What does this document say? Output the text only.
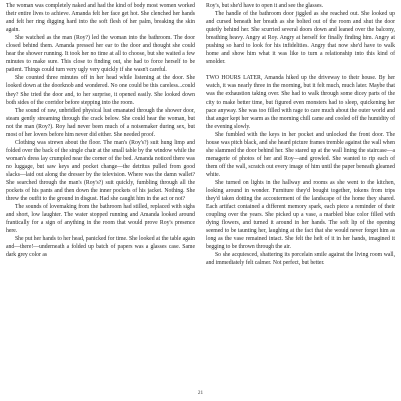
The woman was completely naked and had the kind of body most women worked their entire lives to achieve. Amanda felt her face get hot. She clenched her hands and felt her ring digging hard into the soft flesh of her palm, breaking the skin again.

She watched as the man (Roy?) led the woman into the bathroom. The door closed behind them. Amanda pressed her ear to the door and thought she could hear the shower running. It took her no time at all to choose, but she waited a few minutes to make sure. This close to finding out, she had to force herself to be patient. Things could turn very ugly very quickly if she wasn't careful.

She counted three minutes off in her head while listening at the door. She looked down at the doorknob and wondered. No one could be this careless...could they? She tried the door and, to her surprise, it opened easily. She looked down both sides of the corridor before stepping into the room.

The sound of raw, unbridled physical lust emanated through the shower door, steam gently streaming through the crack below. She could hear the woman, but not the man (Roy?). Roy had never been much of a noisemaker during sex, but most of her lovers before him never did either. She needed proof.

Clothing was strewn about the floor. The man's (Roy's?) suit hung limp and folded over the back of the single chair at the small table by the window while the woman's dress lay crumpled near the corner of the bed. Amanda noticed there was no luggage, but saw keys and pocket change—the detritus pulled from good slacks—laid out along the dresser by the television. Where was the damn wallet? She searched through the man's (Roy's?) suit quickly, fumbling through all the pockets of his pants and then down the inner pockets of his jacket. Nothing. She threw the outfit to the ground in disgust. Had she caught him in the act or not?

The sounds of lovemaking from the bathroom had stilled, replaced with sighs and short, low laughter. The water stopped running and Amanda looked around frantically for a sign of anything in the room that would prove Roy's presence here.

She put her hands to her head, panicked for time. She looked at the table again and—there!—underneath a folded up batch of papers was a glasses case. Same dark grey color as

Roy's, but she'd have to open it and see the glasses.

The handle of the bathroom door jiggled as she reached out. She looked up and cursed beneath her breath as she bolted out of the room and shut the door quietly behind her. She scurried several doors down and leaned over the balcony, breathing heavy. Angry at Roy. Angry at herself for finally finding him. Angry at pushing so hard to look for his infidelities. Angry that now she'd have to walk home and show him what it was like to turn a relationship into this kind of smolder.

TWO HOURS LATER, Amanda hiked up the driveway to their house. By her watch, it was nearly three in the morning, but it felt much, much later. Maybe that was the exhaustion taking over. She had to walk through some dicey parts of the city to make better time, but figured even monsters had to sleep, quickening her pace anyway. She was too filled with rage to care much about the outer world and that anger kept her warm as the morning chill came and cooled off the humidity of the evening slowly.

She fumbled with the keys in her pocket and unlocked the front door. The house was pitch black, and she heard picture frames tremble against the wall when she slammed the door behind her. She stared up at the wall lining the staircase—a menagerie of photos of her and Roy—and growled. She wanted to rip each of them off the wall, scratch out every image of him until the paper beneath gleamed white.

She turned on lights in the hallway and rooms as she went to the kitchen, looking around in wonder. Furniture they'd bought together, tokens from trips they'd taken dotting the accouterment of the landscape of the home they shared. Each artifact contained a different memory spark, each piece a reminder of their coupling over the years. She picked up a vase, a marbled blue color filled with dying flowers, and turned it around in her hands. The soft lip of the opening seemed to be taunting her, laughing at the fact that she would never forget him as long as the vase remained intact. She felt the heft of it in her hands, imagined it begging to be thrown through the air.

So she acquiesced, shattering its porcelain smile against the living room wall, and immediately felt calmer. Not perfect, but better.

21
